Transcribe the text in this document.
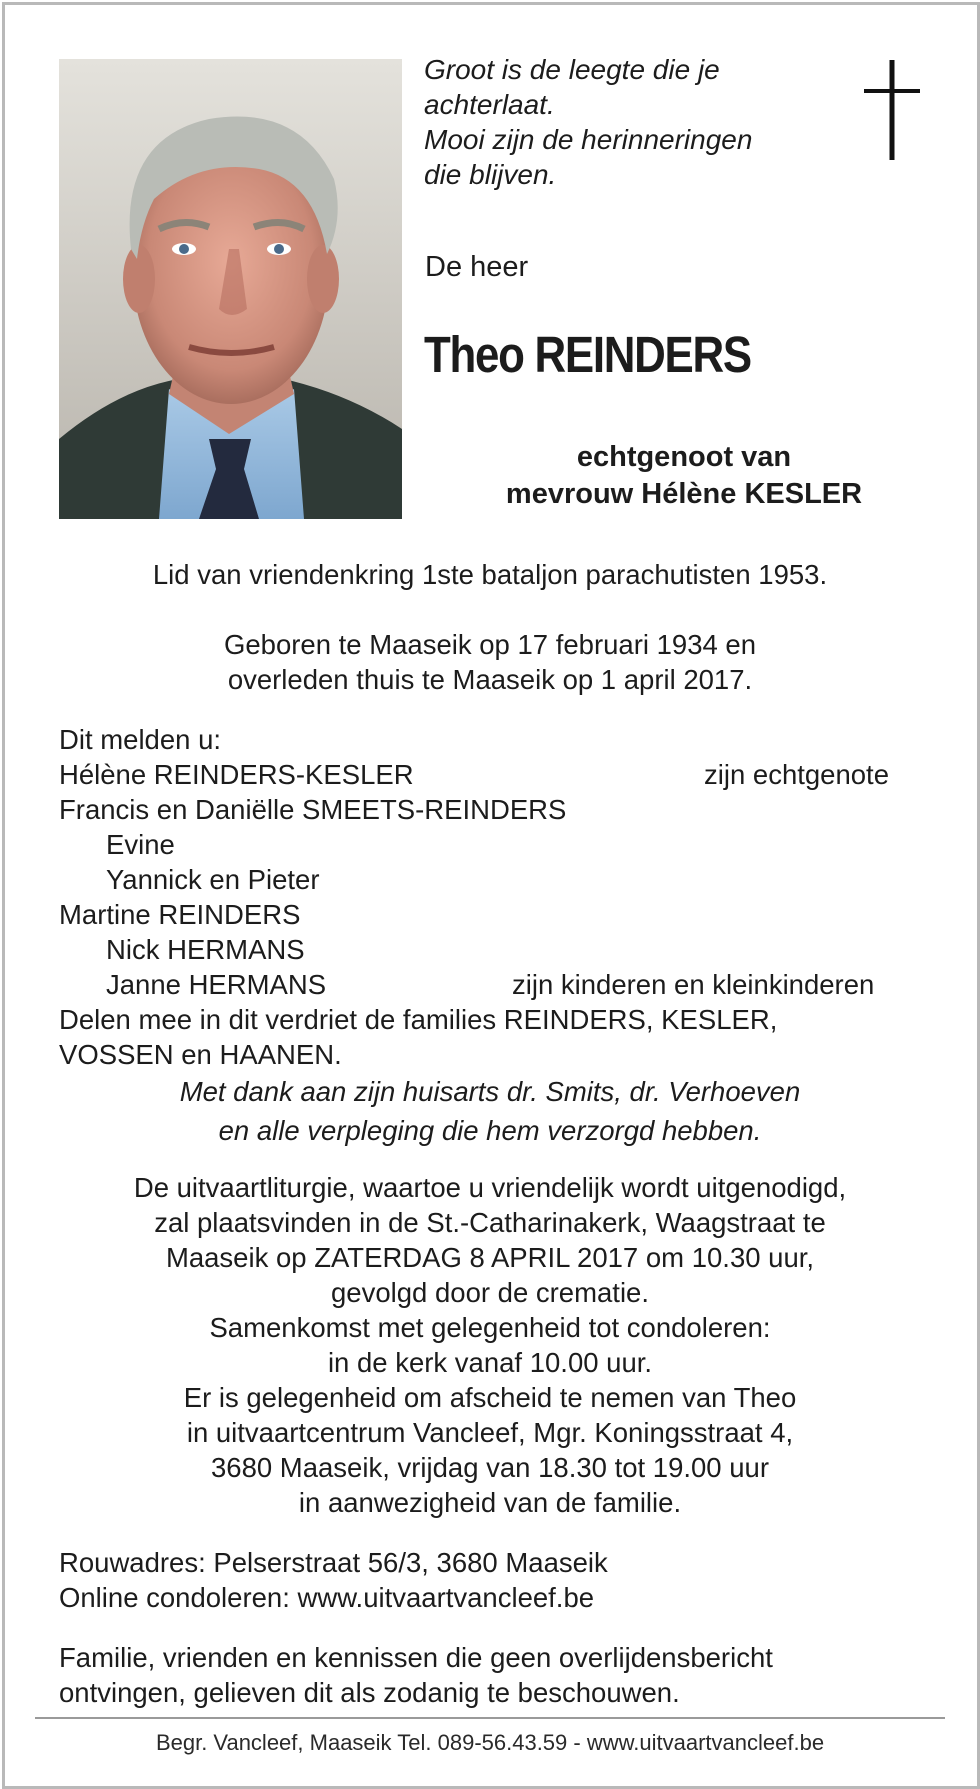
Groot is de leegte die je
achterlaat.
Mooi zijn de herinneringen
die blijven.
De heer
Theo REINDERS
echtgenoot van
mevrouw Hélène KESLER
Lid van vriendenkring 1ste bataljon parachutisten 1953.
Geboren te Maaseik op 17 februari 1934 en
overleden thuis te Maaseik op 1 april 2017.
Dit melden u:
Hélène REINDERS-KESLER	zijn echtgenote
Francis en Daniëlle SMEETS-REINDERS
Evine
Yannick en Pieter
Martine REINDERS
Nick HERMANS
Janne HERMANS	zijn kinderen en kleinkinderen
Delen mee in dit verdriet de families REINDERS, KESLER,
VOSSEN en HAANEN.
Met dank aan zijn huisarts dr. Smits, dr. Verhoeven
en alle verpleging die hem verzorgd hebben.
De uitvaartliturgie, waartoe u vriendelijk wordt uitgenodigd,
zal plaatsvinden in de St.-Catharinakerk, Waagstraat te
Maaseik op ZATERDAG 8 APRIL 2017 om 10.30 uur,
gevolgd door de crematie.
Samenkomst met gelegenheid tot condoleren:
in de kerk vanaf 10.00 uur.
Er is gelegenheid om afscheid te nemen van Theo
in uitvaartcentrum Vancleef, Mgr. Koningsstraat 4,
3680 Maaseik, vrijdag van 18.30 tot 19.00 uur
in aanwezigheid van de familie.
Rouwadres: Pelserstraat 56/3, 3680 Maaseik
Online condoleren: www.uitvaartvancleef.be
Familie, vrienden en kennissen die geen overlijdensbericht
ontvingen, gelieven dit als zodanig te beschouwen.
Begr. Vancleef, Maaseik Tel. 089-56.43.59 - www.uitvaartvancleef.be
